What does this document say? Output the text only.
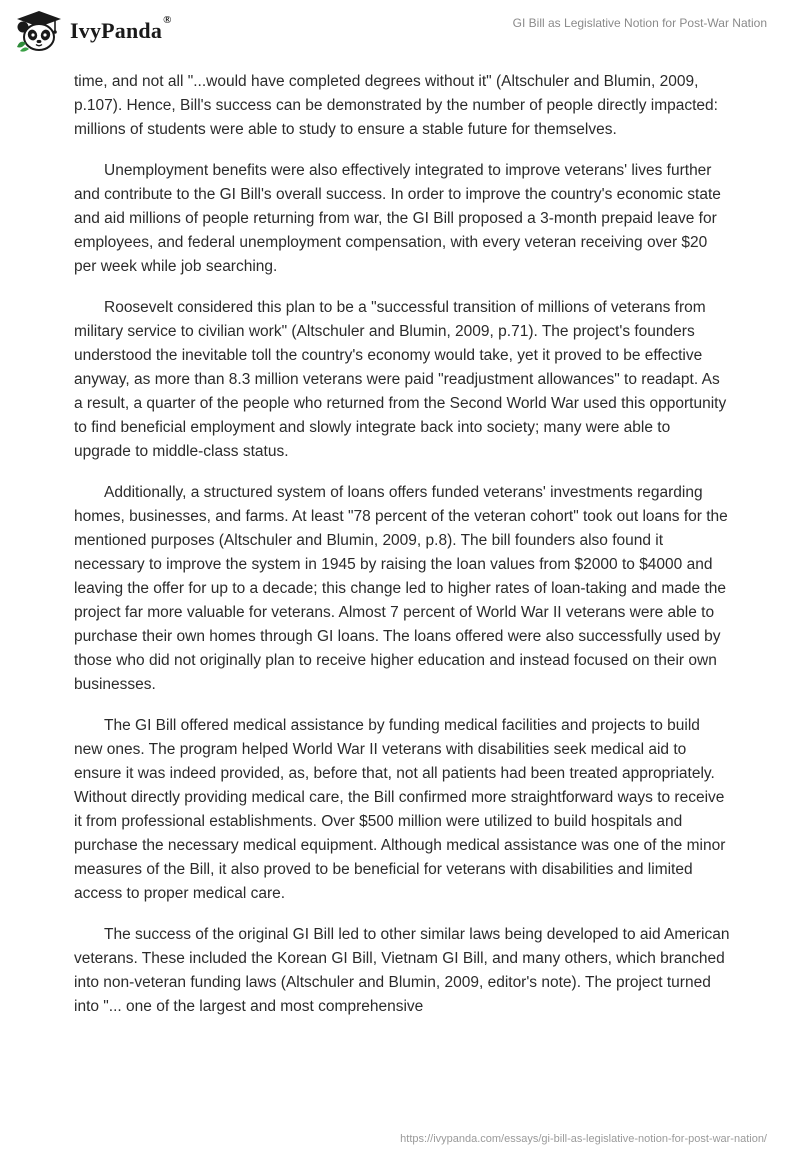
IvyPanda®	GI Bill as Legislative Notion for Post-War Nation

time, and not all "...would have completed degrees without it" (Altschuler and Blumin, 2009, p.107). Hence, Bill's success can be demonstrated by the number of people directly impacted: millions of students were able to study to ensure a stable future for themselves.

Unemployment benefits were also effectively integrated to improve veterans' lives further and contribute to the GI Bill's overall success. In order to improve the country's economic state and aid millions of people returning from war, the GI Bill proposed a 3-month prepaid leave for employees, and federal unemployment compensation, with every veteran receiving over $20 per week while job searching.

Roosevelt considered this plan to be a "successful transition of millions of veterans from military service to civilian work" (Altschuler and Blumin, 2009, p.71). The project's founders understood the inevitable toll the country's economy would take, yet it proved to be effective anyway, as more than 8.3 million veterans were paid "readjustment allowances" to readapt. As a result, a quarter of the people who returned from the Second World War used this opportunity to find beneficial employment and slowly integrate back into society; many were able to upgrade to middle-class status.

Additionally, a structured system of loans offers funded veterans' investments regarding homes, businesses, and farms. At least "78 percent of the veteran cohort" took out loans for the mentioned purposes (Altschuler and Blumin, 2009, p.8). The bill founders also found it necessary to improve the system in 1945 by raising the loan values from $2000 to $4000 and leaving the offer for up to a decade; this change led to higher rates of loan-taking and made the project far more valuable for veterans. Almost 7 percent of World War II veterans were able to purchase their own homes through GI loans. The loans offered were also successfully used by those who did not originally plan to receive higher education and instead focused on their own businesses.

The GI Bill offered medical assistance by funding medical facilities and projects to build new ones. The program helped World War II veterans with disabilities seek medical aid to ensure it was indeed provided, as, before that, not all patients had been treated appropriately. Without directly providing medical care, the Bill confirmed more straightforward ways to receive it from professional establishments. Over $500 million were utilized to build hospitals and purchase the necessary medical equipment. Although medical assistance was one of the minor measures of the Bill, it also proved to be beneficial for veterans with disabilities and limited access to proper medical care.

The success of the original GI Bill led to other similar laws being developed to aid American veterans. These included the Korean GI Bill, Vietnam GI Bill, and many others, which branched into non-veteran funding laws (Altschuler and Blumin, 2009, editor's note). The project turned into "... one of the largest and most comprehensive

https://ivypanda.com/essays/gi-bill-as-legislative-notion-for-post-war-nation/
